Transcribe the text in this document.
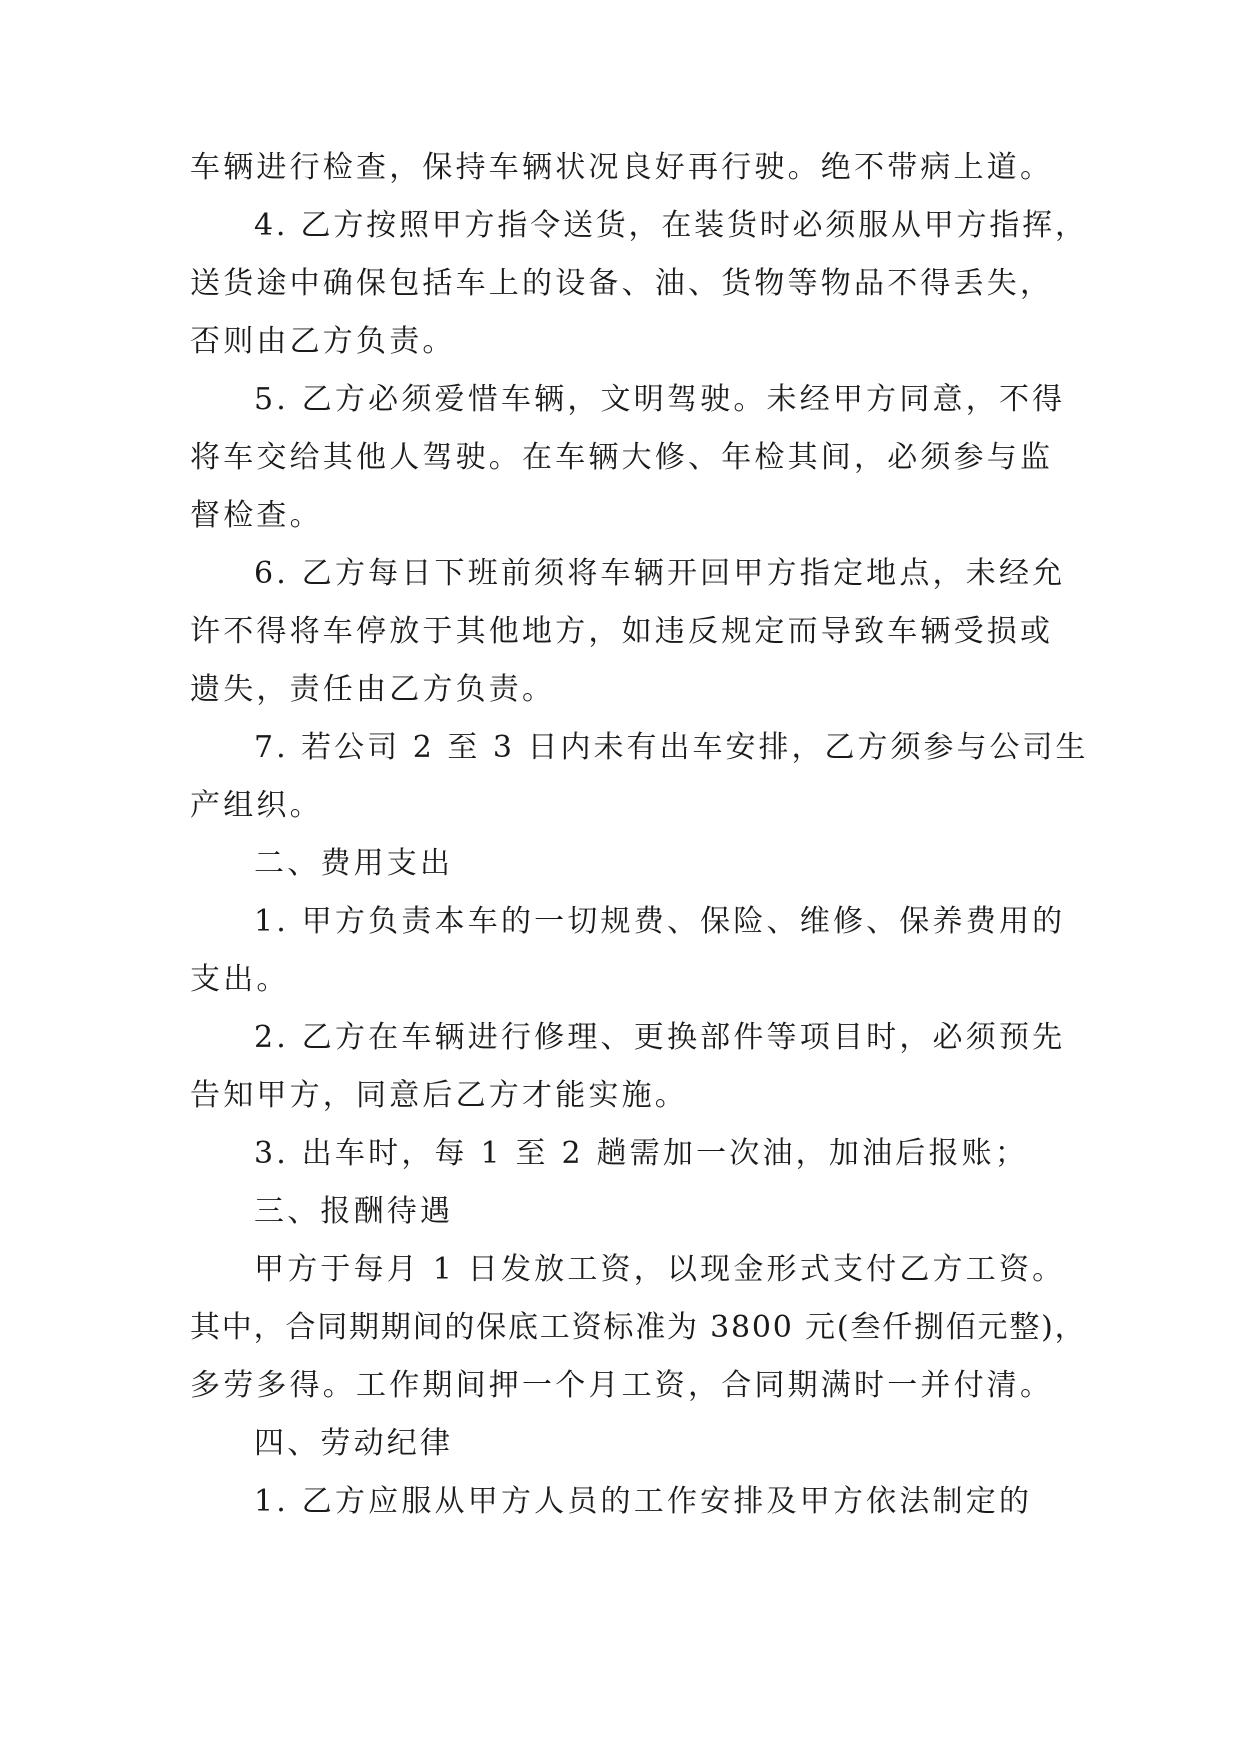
车辆进行检查，保持车辆状况良好再行驶。绝不带病上道。
4. 乙方按照甲方指令送货，在装货时必须服从甲方指挥，
送货途中确保包括车上的设备、油、货物等物品不得丢失，
否则由乙方负责。
5. 乙方必须爱惜车辆，文明驾驶。未经甲方同意，不得
将车交给其他人驾驶。在车辆大修、年检其间，必须参与监
督检查。
6. 乙方每日下班前须将车辆开回甲方指定地点，未经允
许不得将车停放于其他地方，如违反规定而导致车辆受损或
遗失，责任由乙方负责。
7. 若公司 2 至 3 日内未有出车安排，乙方须参与公司生
产组织。
二、费用支出
1. 甲方负责本车的一切规费、保险、维修、保养费用的
支出。
2. 乙方在车辆进行修理、更换部件等项目时，必须预先
告知甲方，同意后乙方才能实施。
3. 出车时，每 1 至 2 趟需加一次油，加油后报账；
三、报酬待遇
甲方于每月 1 日发放工资，以现金形式支付乙方工资。
其中，合同期期间的保底工资标准为 3800 元(叁仟捌佰元整)，
多劳多得。工作期间押一个月工资，合同期满时一并付清。
四、劳动纪律
1. 乙方应服从甲方人员的工作安排及甲方依法制定的
